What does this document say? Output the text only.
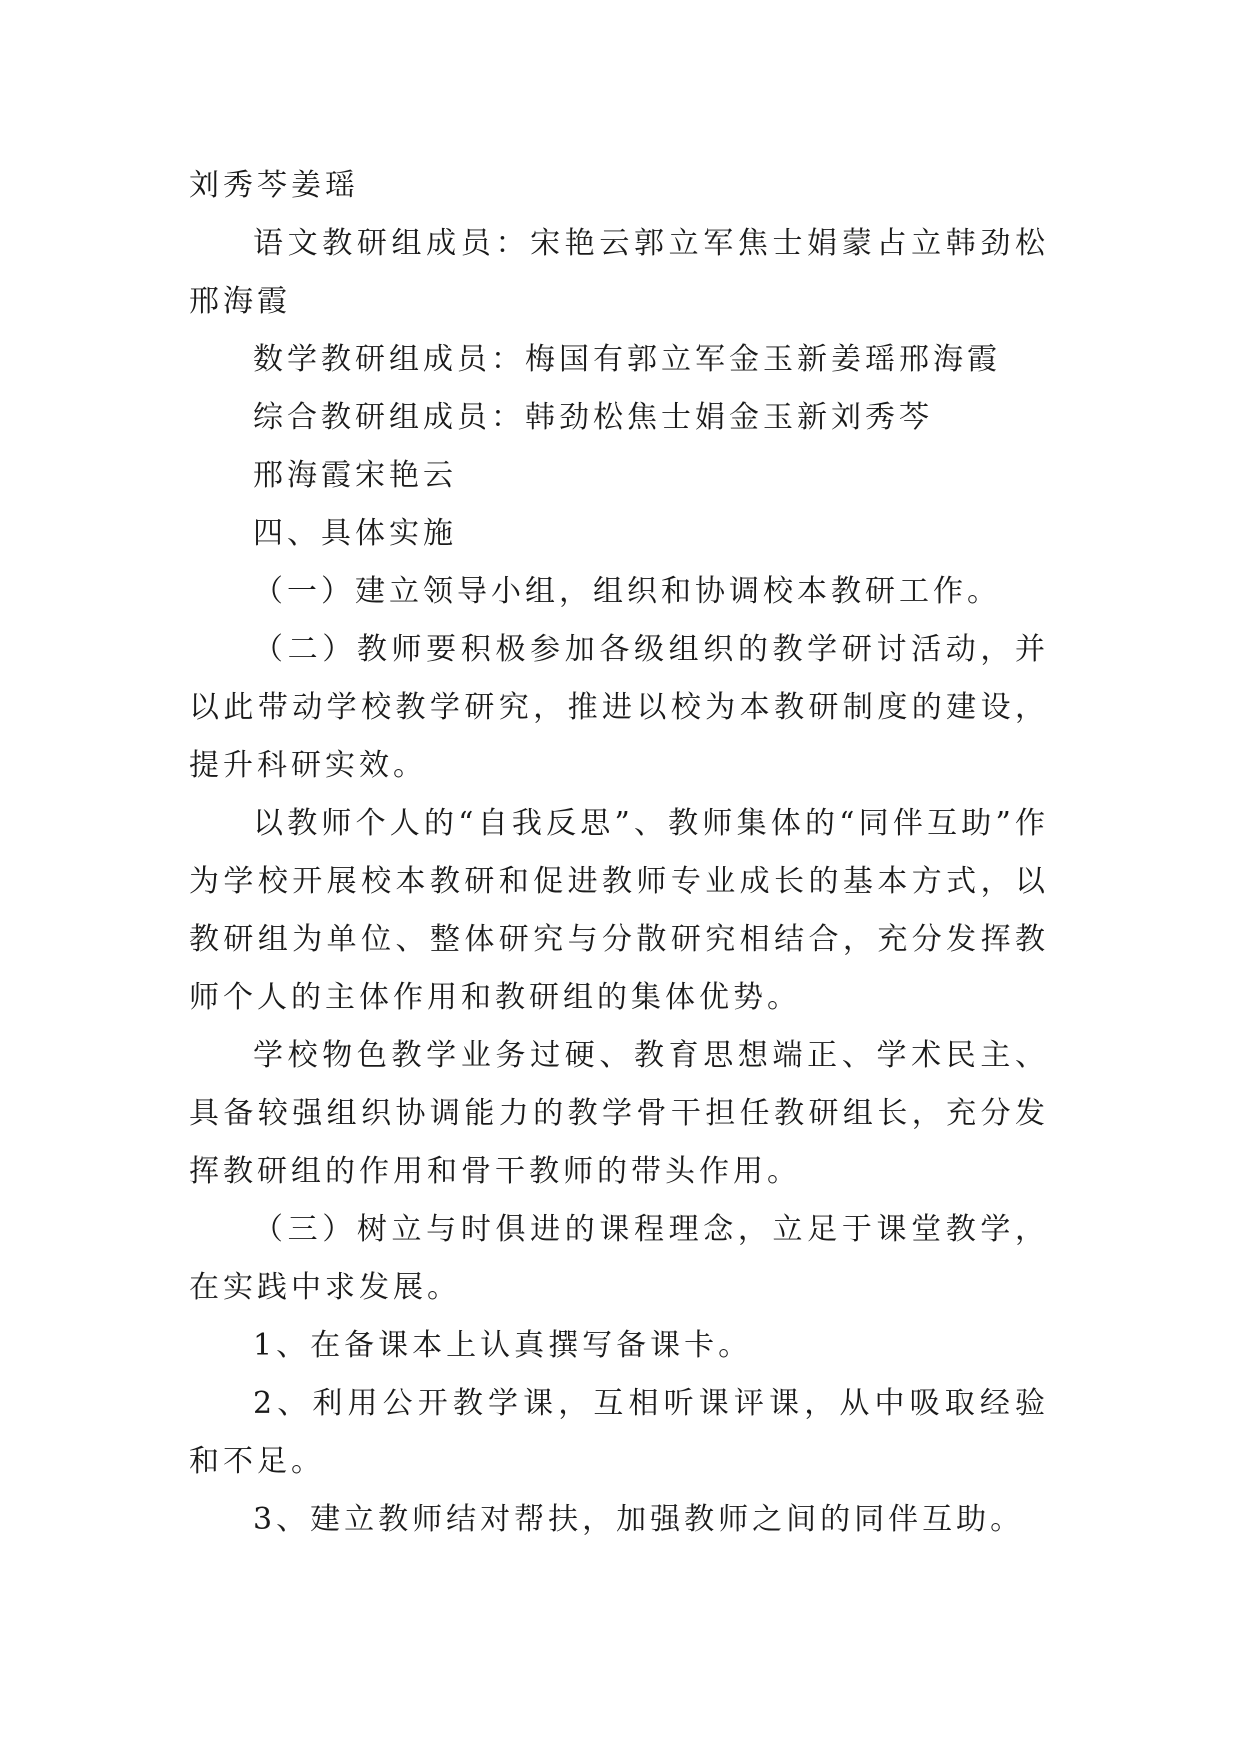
刘秀芩姜瑶

语文教研组成员：宋艳云郭立军焦士娟蒙占立韩劲松邢海霞

数学教研组成员：梅国有郭立军金玉新姜瑶邢海霞

综合教研组成员：韩劲松焦士娟金玉新刘秀芩

邢海霞宋艳云

四、具体实施

（一）建立领导小组，组织和协调校本教研工作。

（二）教师要积极参加各级组织的教学研讨活动，并以此带动学校教学研究，推进以校为本教研制度的建设，提升科研实效。

以教师个人的“自我反思”、教师集体的“同伴互助”作为学校开展校本教研和促进教师专业成长的基本方式，以教研组为单位、整体研究与分散研究相结合，充分发挥教师个人的主体作用和教研组的集体优势。

学校物色教学业务过硬、教育思想端正、学术民主、具备较强组织协调能力的教学骨干担任教研组长，充分发挥教研组的作用和骨干教师的带头作用。

（三）树立与时俱进的课程理念，立足于课堂教学，在实践中求发展。

1、在备课本上认真撰写备课卡。

2、利用公开教学课，互相听课评课，从中吸取经验和不足。

3、建立教师结对帮扶，加强教师之间的同伴互助。
